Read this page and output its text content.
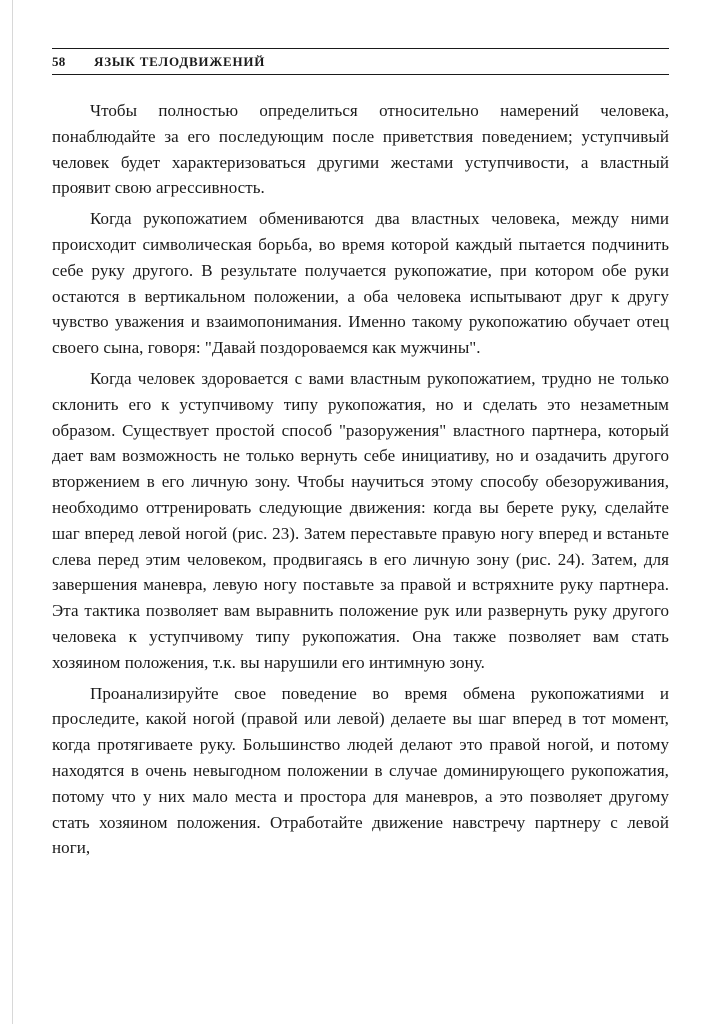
58 ЯЗЫК ТЕЛОДВИЖЕНИЙ

Чтобы полностью определиться относительно намерений человека, понаблюдайте за его последующим после приветствия поведением; уступчивый человек будет характеризоваться другими жестами уступчивости, а властный проявит свою агрессивность.

Когда рукопожатием обмениваются два властных человека, между ними происходит символическая борьба, во время которой каждый пытается подчинить себе руку другого. В результате получается рукопожатие, при котором обе руки остаются в вертикальном положении, а оба человека испытывают друг к другу чувство уважения и взаимопонимания. Именно такому рукопожатию обучает отец своего сына, говоря: "Давай поздороваемся как мужчины".

Когда человек здоровается с вами властным рукопожатием, трудно не только склонить его к уступчивому типу рукопожатия, но и сделать это незаметным образом. Существует простой способ "разоружения" властного партнера, который дает вам возможность не только вернуть себе инициативу, но и озадачить другого вторжением в его личную зону. Чтобы научиться этому способу обезоруживания, необходимо оттренировать следующие движения: когда вы берете руку, сделайте шаг вперед левой ногой (рис. 23). Затем переставьте правую ногу вперед и встаньте слева перед этим человеком, продвигаясь в его личную зону (рис. 24). Затем, для завершения маневра, левую ногу поставьте за правой и встряхните руку партнера. Эта тактика позволяет вам выравнить положение рук или развернуть руку другого человека к уступчивому типу рукопожатия. Она также позволяет вам стать хозяином положения, т.к. вы нарушили его интимную зону.

Проанализируйте свое поведение во время обмена рукопожатиями и проследите, какой ногой (правой или левой) делаете вы шаг вперед в тот момент, когда протягиваете руку. Большинство людей делают это правой ногой, и потому находятся в очень невыгодном положении в случае доминирующего рукопожатия, потому что у них мало места и простора для маневров, а это позволяет другому стать хозяином положения. Отработайте движение навстречу партнеру с левой ноги,
